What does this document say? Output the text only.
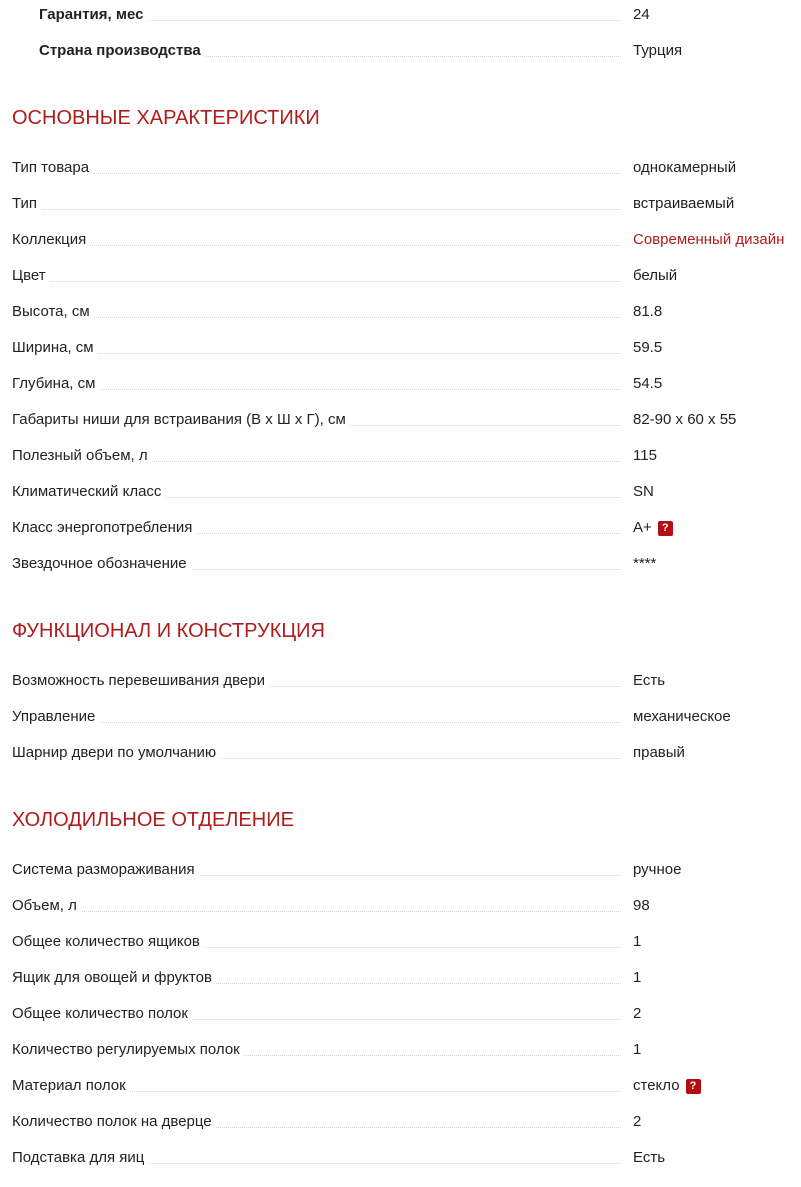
Гарантия, мес	24
Страна производства	Турция
ОСНОВНЫЕ ХАРАКТЕРИСТИКИ
Тип товара	однокамерный
Тип	встраиваемый
Коллекция	Современный дизайн
Цвет	белый
Высота, см	81.8
Ширина, см	59.5
Глубина, см	54.5
Габариты ниши для встраивания (В х Ш х Г), см	82-90 x 60 x 55
Полезный объем, л	115
Климатический класс	SN
Класс энергопотребления	A+ ?
Звездочное обозначение	****
ФУНКЦИОНАЛ И КОНСТРУКЦИЯ
Возможность перевешивания двери	Есть
Управление	механическое
Шарнир двери по умолчанию	правый
ХОЛОДИЛЬНОЕ ОТДЕЛЕНИЕ
Система размораживания	ручное
Объем, л	98
Общее количество ящиков	1
Ящик для овощей и фруктов	1
Общее количество полок	2
Количество регулируемых полок	1
Материал полок	стекло ?
Количество полок на дверце	2
Подставка для яиц	Есть
